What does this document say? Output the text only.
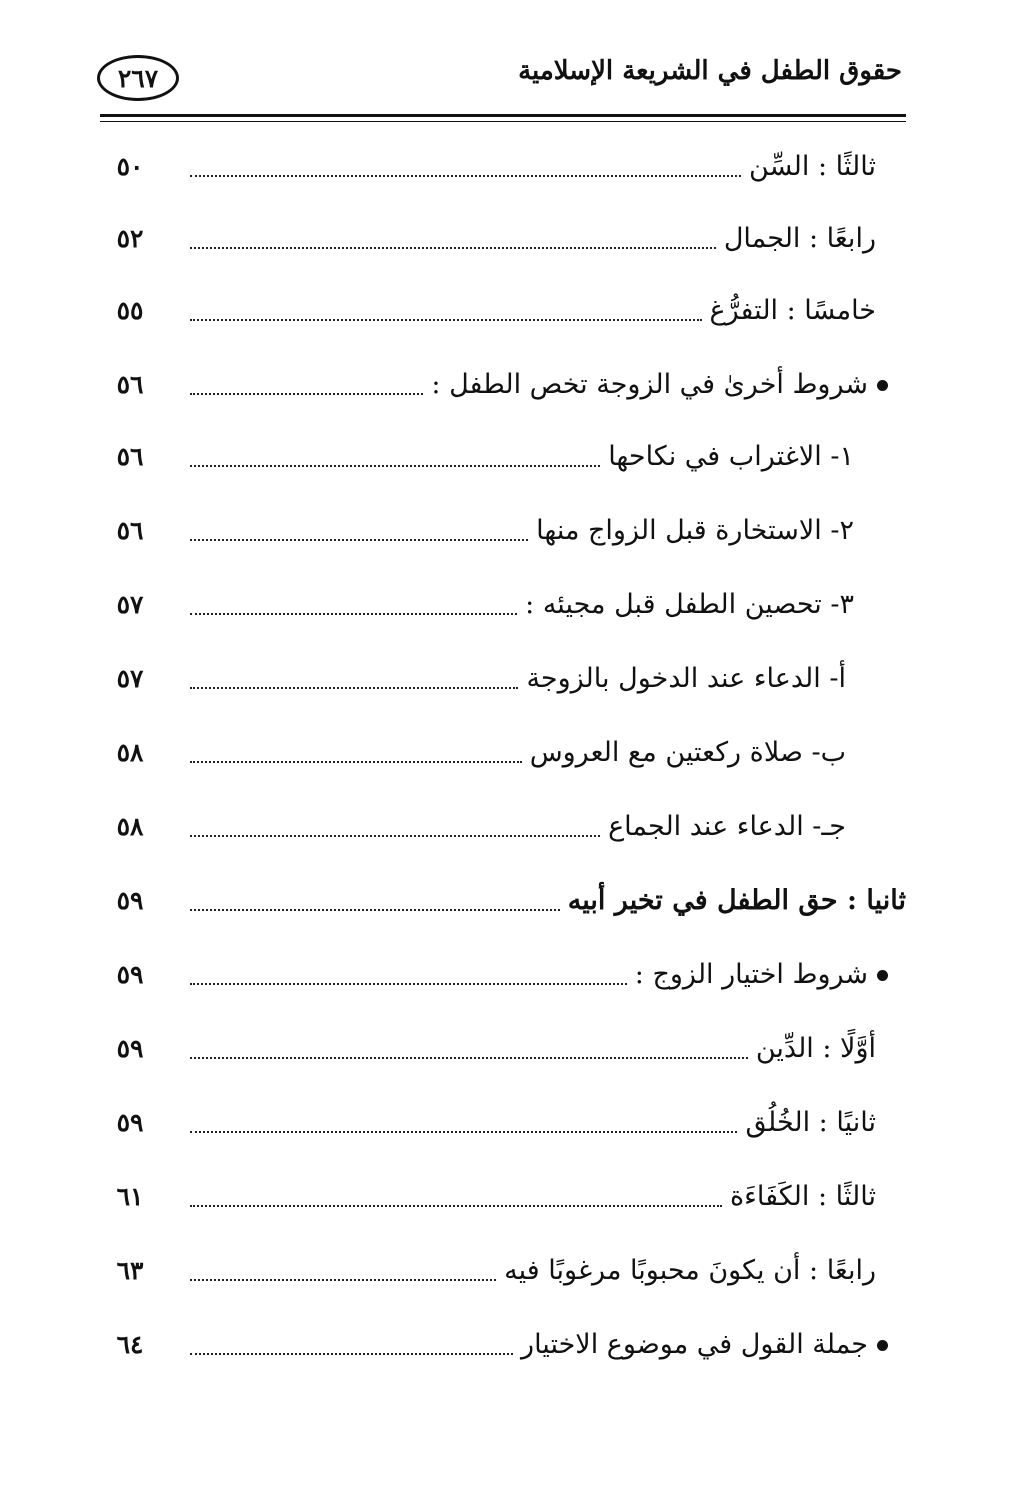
حقوق الطفل في الشريعة الإسلامية
٢٦٧
ثالثًا : السِّن
٥٠
رابعًا : الجمال
٥٢
خامسًا : التفرُّغ
٥٥
شروط أخرىٰ في الزوجة تخص الطفل :
٥٦
١- الاغتراب في نكاحها
٥٦
٢- الاستخارة قبل الزواج منها
٥٦
٣- تحصين الطفل قبل مجيئه :
٥٧
أ- الدعاء عند الدخول بالزوجة
٥٧
ب- صلاة ركعتين مع العروس
٥٨
جـ- الدعاء عند الجماع
٥٨
ثانيا : حق الطفل في تخير أبيه
٥٩
شروط اختيار الزوج :
٥٩
أوَّلًا : الدِّين
٥٩
ثانيًا : الخُلُق
٥٩
ثالثًا : الكَفَاءَة
٦١
رابعًا : أن يكونَ محبوبًا مرغوبًا فيه
٦٣
جملة القول في موضوع الاختيار
٦٤
